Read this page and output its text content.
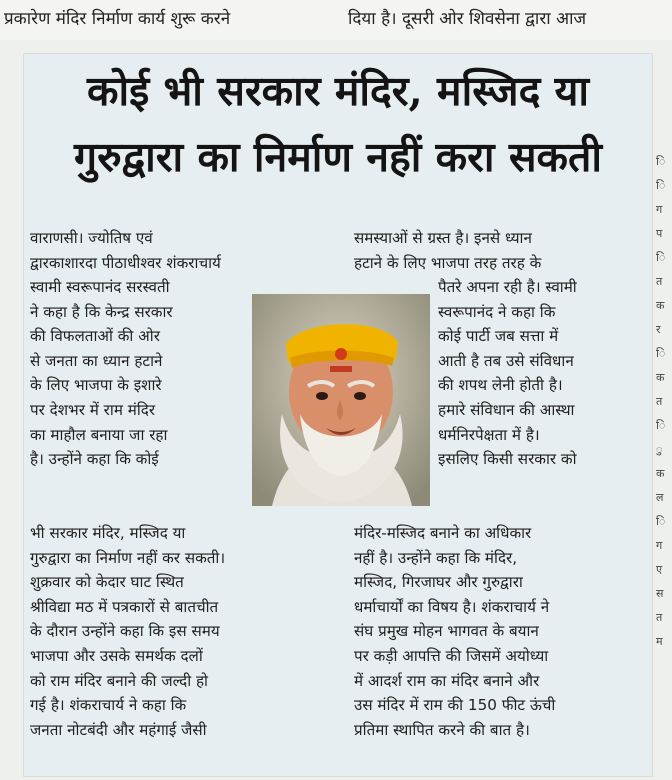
प्रकारेण मंदिर निर्माण कार्य शुरू करने	दिया है। दूसरी ओर शिवसेना द्वारा आज
कोई भी सरकार मंदिर, मस्जिद या
गुरुद्वारा का निर्माण नहीं करा सकती
वाराणसी। ज्योतिष एवं
द्वारकाशारदा पीठाधीश्वर शंकराचार्य
स्वामी स्वरूपानंद सरस्वती
ने कहा है कि केन्द्र सरकार
की विफलताओं की ओर
से जनता का ध्यान हटाने
के लिए भाजपा के इशारे
पर देशभर में राम मंदिर
का माहौल बनाया जा रहा
है। उन्होंने कहा कि कोई
भी सरकार मंदिर, मस्जिद या
गुरुद्वारा का निर्माण नहीं कर सकती।
शुक्रवार को केदार घाट स्थित
श्रीविद्या मठ में पत्रकारों से बातचीत
के दौरान उन्होंने कहा कि इस समय
भाजपा और उसके समर्थक दलों
को राम मंदिर बनाने की जल्दी हो
गई है। शंकराचार्य ने कहा कि
जनता नोटबंदी और महंगाई जैसी
समस्याओं से ग्रस्त है। इनसे ध्यान
हटाने के लिए भाजपा तरह तरह के
पैतरे अपना रही है। स्वामी
स्वरूपानंद ने कहा कि
कोई पार्टी जब सत्ता में
आती है तब उसे संविधान
की शपथ लेनी होती है।
हमारे संविधान की आस्था
धर्मनिरपेक्षता में है।
इसलिए किसी सरकार को
मंदिर-मस्जिद बनाने का अधिकार
नहीं है। उन्होंने कहा कि मंदिर,
मस्जिद, गिरजाघर और गुरुद्वारा
धर्माचार्यों का विषय है। शंकराचार्य ने
संघ प्रमुख मोहन भागवत के बयान
पर कड़ी आपत्ति की जिसमें अयोध्या
में आदर्श राम का मंदिर बनाने और
उस मंदिर में राम की 150 फीट ऊंची
प्रतिमा स्थापित करने की बात है।
ि
ि
ग
प
ि
त
क
र
ि
क
त
ि
ु
क
ल
ि
ग
ए
स
त
म
